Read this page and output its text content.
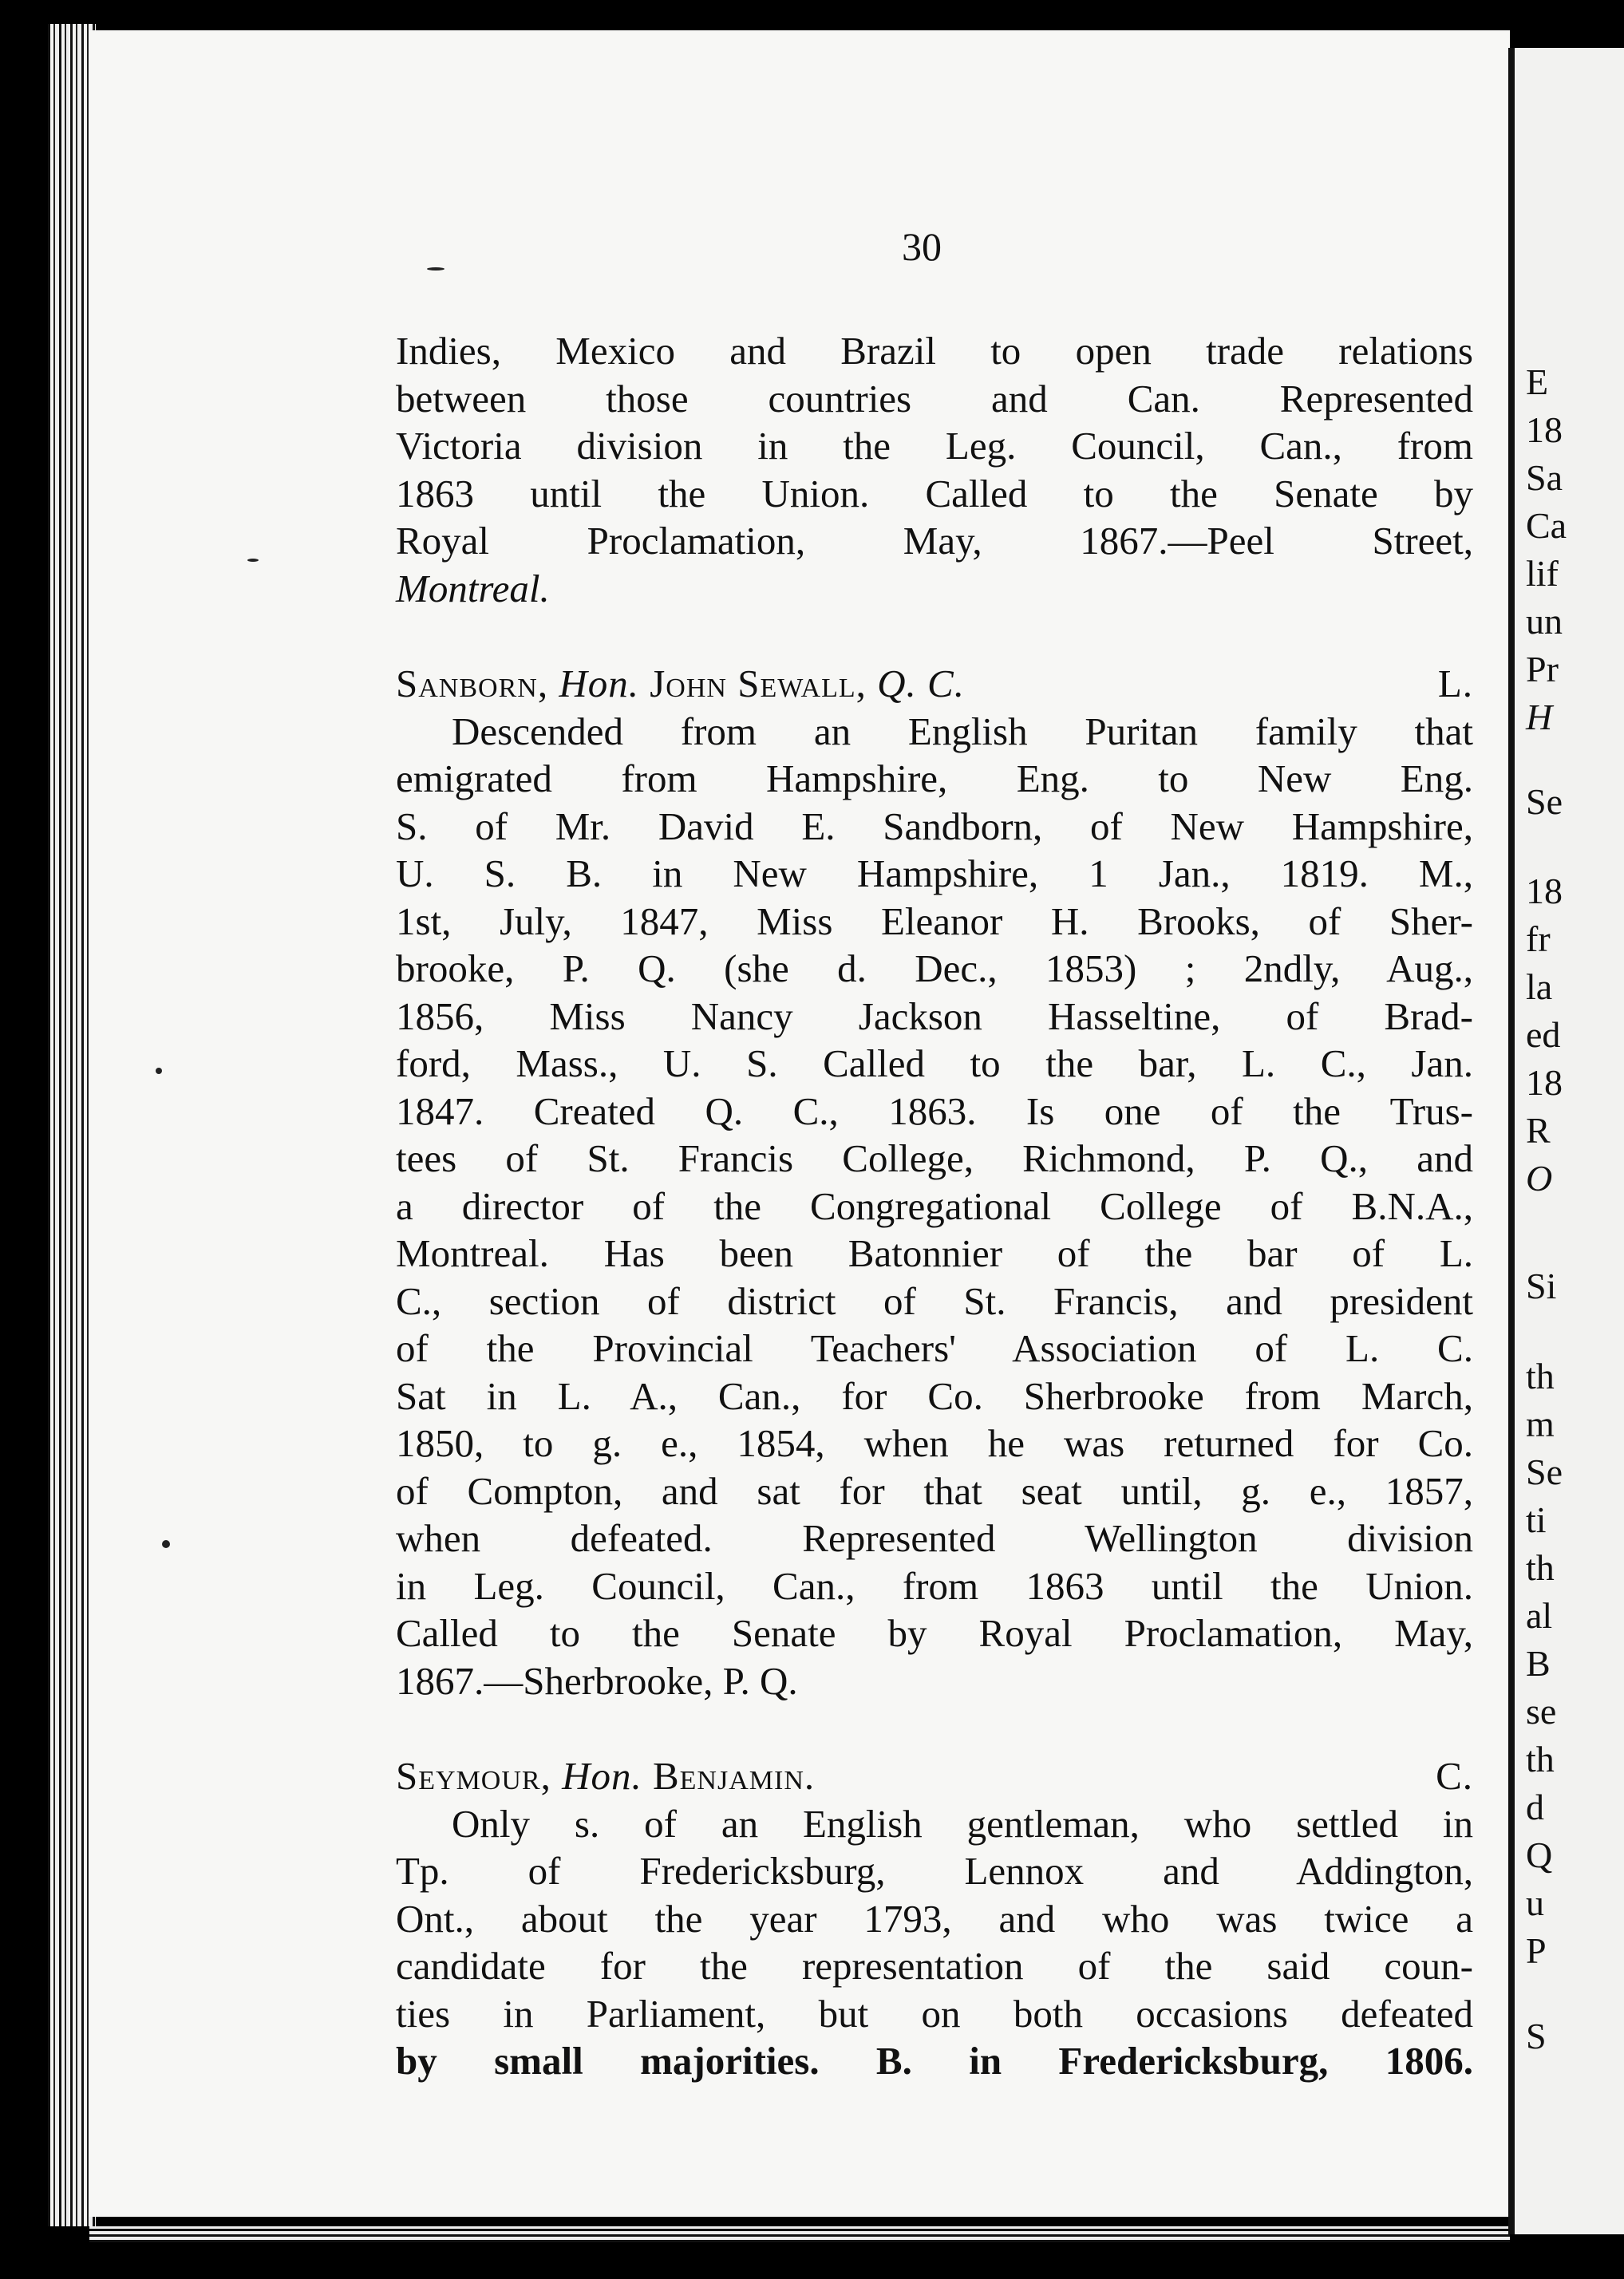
E
18
Sa
Ca
lif
un
Pr
H
Se
18
fr
la
ed
18
R
O
Si
th
m
Se
ti
th
al
B
se
th
d
Q
u
P
S
30
Indies, Mexico and Brazil to open trade relations
between those countries and Can. Represented
Victoria division in the Leg. Council, Can., from
1863 until the Union. Called to the Senate by
Royal Proclamation, May, 1867.—Peel Street,
Montreal.
Sanborn, Hon. John Sewall, Q. C.	L.
Descended from an English Puritan family that
emigrated from Hampshire, Eng. to New Eng.
S. of Mr. David E. Sandborn, of New Hampshire,
U. S. B. in New Hampshire, 1 Jan., 1819. M.,
1st, July, 1847, Miss Eleanor H. Brooks, of Sher-
brooke, P. Q. (she d. Dec., 1853) ; 2ndly, Aug.,
1856, Miss Nancy Jackson Hasseltine, of Brad-
ford, Mass., U. S. Called to the bar, L. C., Jan.
1847. Created Q. C., 1863. Is one of the Trus-
tees of St. Francis College, Richmond, P. Q., and
a director of the Congregational College of B.N.A.,
Montreal. Has been Batonnier of the bar of L.
C., section of district of St. Francis, and president
of the Provincial Teachers' Association of L. C.
Sat in L. A., Can., for Co. Sherbrooke from March,
1850, to g. e., 1854, when he was returned for Co.
of Compton, and sat for that seat until, g. e., 1857,
when defeated. Represented Wellington division
in Leg. Council, Can., from 1863 until the Union.
Called to the Senate by Royal Proclamation, May,
1867.—Sherbrooke, P. Q.
Seymour, Hon. Benjamin.	C.
Only s. of an English gentleman, who settled in
Tp. of Fredericksburg, Lennox and Addington,
Ont., about the year 1793, and who was twice a
candidate for the representation of the said coun-
ties in Parliament, but on both occasions defeated
by small majorities. B. in Fredericksburg, 1806.
